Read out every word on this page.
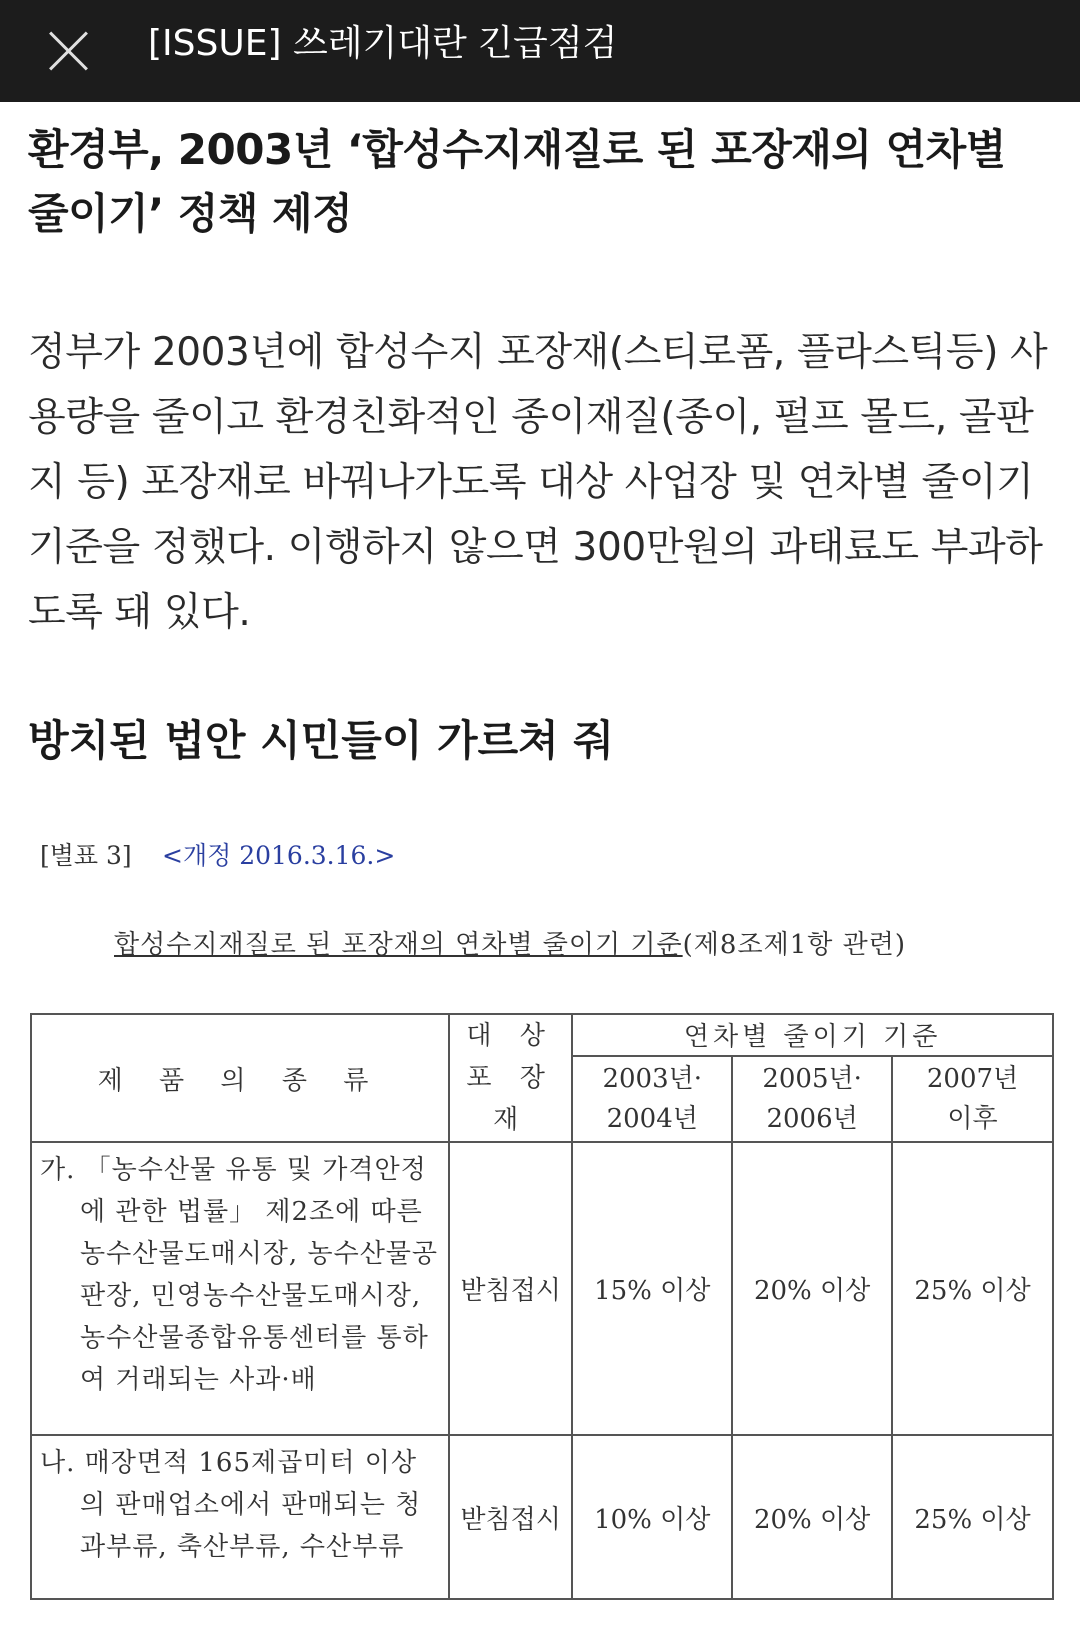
[ISSUE] 쓰레기대란 긴급점검
환경부, 2003년 ‘합성수지재질로 된 포장재의 연차별 줄이기’ 정책 제정

정부가 2003년에 합성수지 포장재(스티로폼, 플라스틱등) 사용량을 줄이고 환경친화적인 종이재질(종이, 펄프 몰드, 골판지 등) 포장재로 바꿔나가도록 대상 사업장 및 연차별 줄이기 기준을 정했다. 이행하지 않으면 300만원의 과태료도 부과하도록 돼 있다.

방치된 법안 시민들이 가르쳐 줘
[별표 3] <개정 2016.3.16.>
합성수지재질로 된 포장재의 연차별 줄이기 기준(제8조제1항 관련)
제 품 의 종 류	대 상 포 장 재	연차별 줄이기 기준		
		2003년· 2004년	2005년· 2006년	2007년 이후

가. 「농수산물 유통 및 가격안정에 관한 법률」 제2조에 따른 농수산물도매시장, 농수산물공판장, 민영농수산물도매시장, 농수산물종합유통센터를 통하여 거래되는 사과·배	받침접시	15% 이상	20% 이상	25% 이상

나. 매장면적 165제곱미터 이상의 판매업소에서 판매되는 청과부류, 축산부류, 수산부류	받침접시	10% 이상	20% 이상	25% 이상
